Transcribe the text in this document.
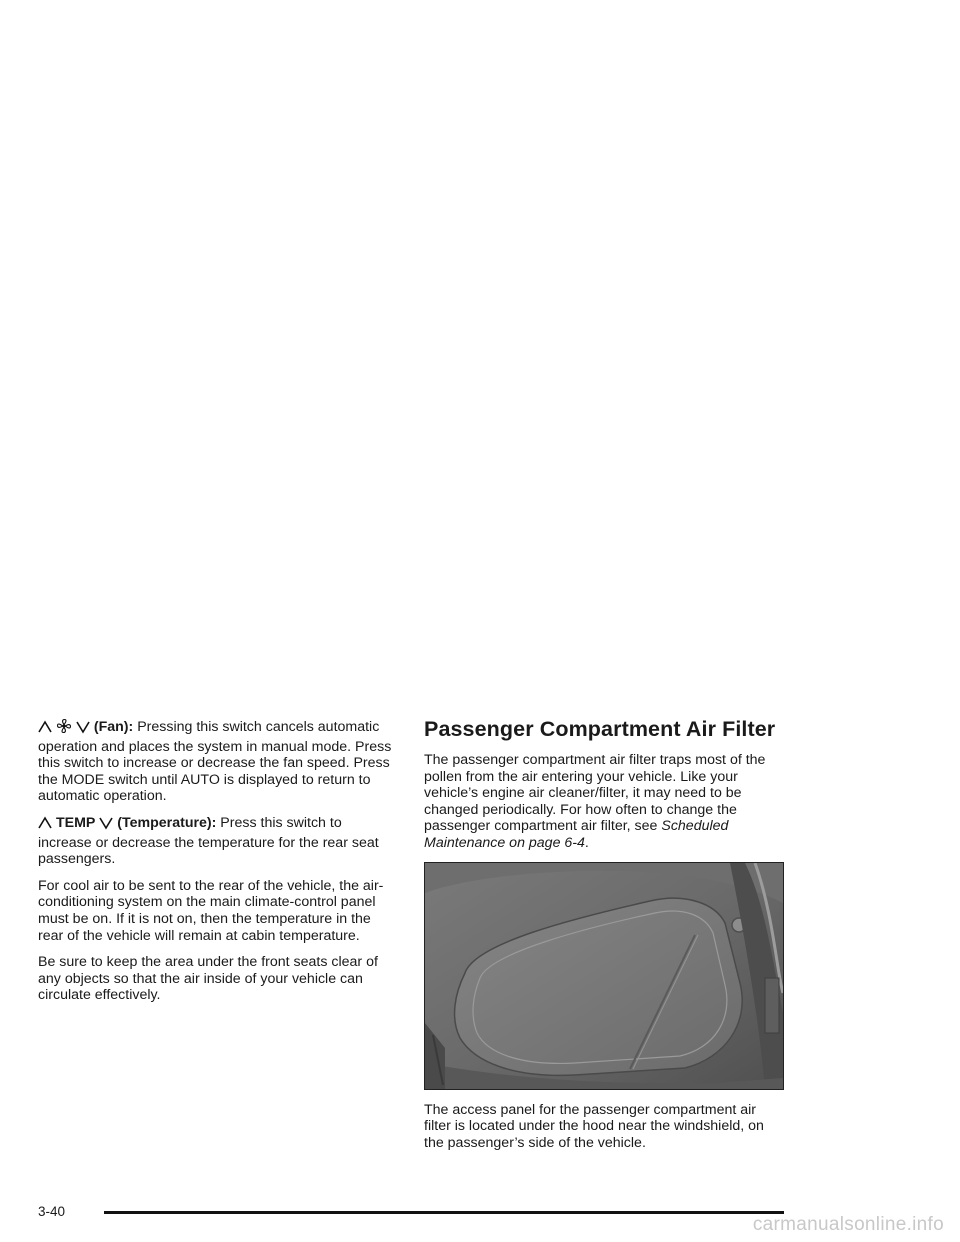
(Fan): Pressing this switch cancels automatic
operation and places the system in manual mode. Press this switch to increase or decrease the fan speed. Press the MODE switch until AUTO is displayed to return to automatic operation.

TEMP (Temperature): Press this switch to
increase or decrease the temperature for the rear seat passengers.

For cool air to be sent to the rear of the vehicle, the air-conditioning system on the main climate-control panel must be on. If it is not on, then the temperature in the rear of the vehicle will remain at cabin temperature.

Be sure to keep the area under the front seats clear of any objects so that the air inside of your vehicle can circulate effectively.

Passenger Compartment Air Filter

The passenger compartment air filter traps most of the pollen from the air entering your vehicle. Like your vehicle’s engine air cleaner/filter, it may need to be changed periodically. For how often to change the passenger compartment air filter, see Scheduled Maintenance on page 6-4.

The access panel for the passenger compartment air filter is located under the hood near the windshield, on the passenger’s side of the vehicle.

3-40
carmanualsonline.info
